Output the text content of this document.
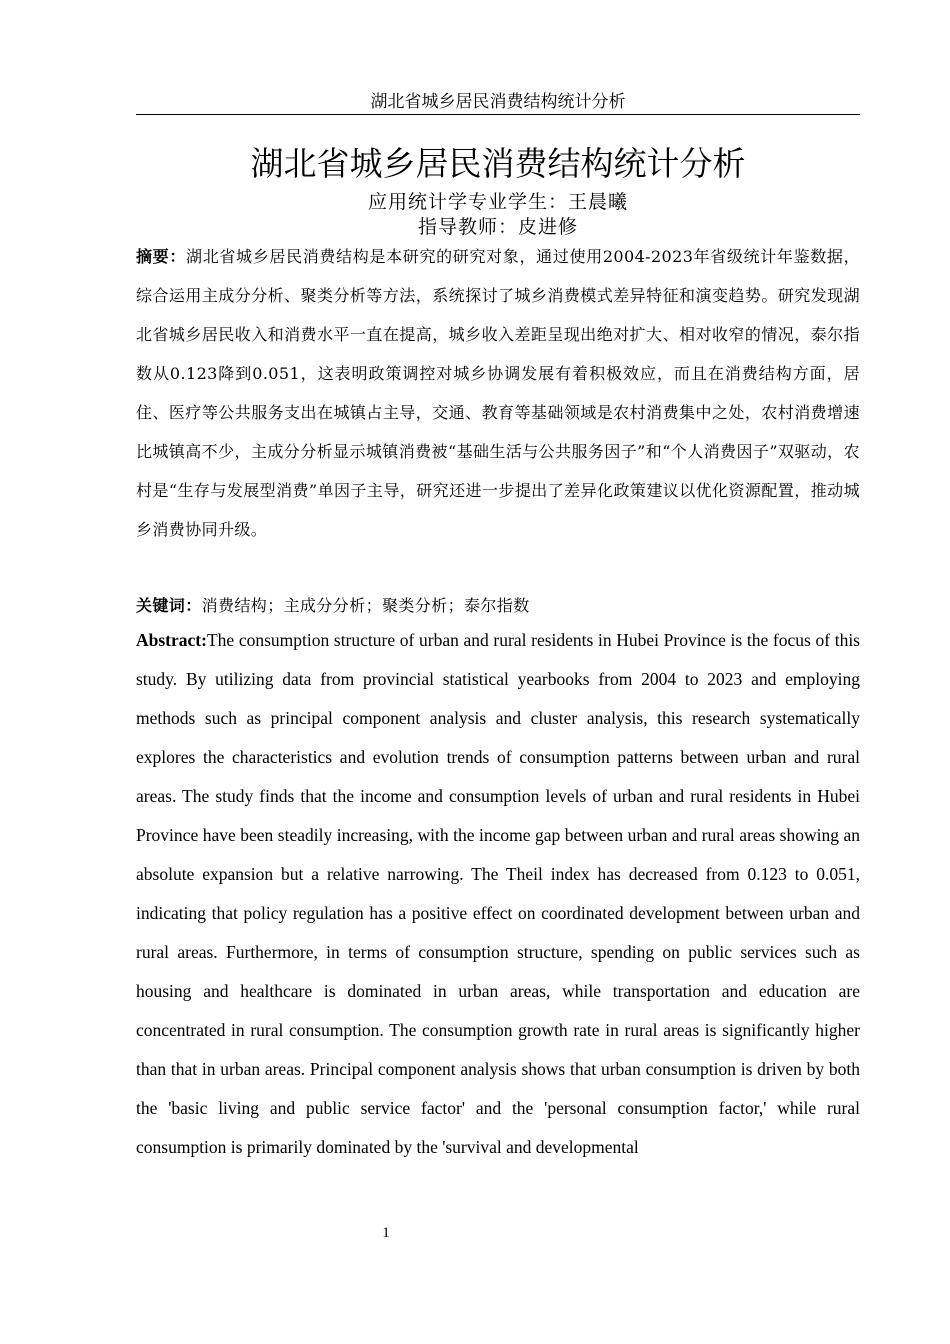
湖北省城乡居民消费结构统计分析
湖北省城乡居民消费结构统计分析
应用统计学专业学生：王晨曦
指导教师：皮进修
摘要：湖北省城乡居民消费结构是本研究的研究对象，通过使用2004-2023年省级统计年鉴数据，综合运用主成分分析、聚类分析等方法，系统探讨了城乡消费模式差异特征和演变趋势。研究发现湖北省城乡居民收入和消费水平一直在提高，城乡收入差距呈现出绝对扩大、相对收窄的情况，泰尔指数从0.123降到0.051，这表明政策调控对城乡协调发展有着积极效应，而且在消费结构方面，居住、医疗等公共服务支出在城镇占主导，交通、教育等基础领域是农村消费集中之处，农村消费增速比城镇高不少，主成分分析显示城镇消费被“基础生活与公共服务因子”和“个人消费因子”双驱动，农村是“生存与发展型消费”单因子主导，研究还进一步提出了差异化政策建议以优化资源配置，推动城乡消费协同升级。
关键词：消费结构；主成分分析；聚类分析；泰尔指数
Abstract:The consumption structure of urban and rural residents in Hubei Province is the focus of this study. By utilizing data from provincial statistical yearbooks from 2004 to 2023 and employing methods such as principal component analysis and cluster analysis, this research systematically explores the characteristics and evolution trends of consumption patterns between urban and rural areas. The study finds that the income and consumption levels of urban and rural residents in Hubei Province have been steadily increasing, with the income gap between urban and rural areas showing an absolute expansion but a relative narrowing. The Theil index has decreased from 0.123 to 0.051, indicating that policy regulation has a positive effect on coordinated development between urban and rural areas. Furthermore, in terms of consumption structure, spending on public services such as housing and healthcare is dominated in urban areas, while transportation and education are concentrated in rural consumption. The consumption growth rate in rural areas is significantly higher than that in urban areas. Principal component analysis shows that urban consumption is driven by both the 'basic living and public service factor' and the 'personal consumption factor,' while rural consumption is primarily dominated by the 'survival and developmental
1
